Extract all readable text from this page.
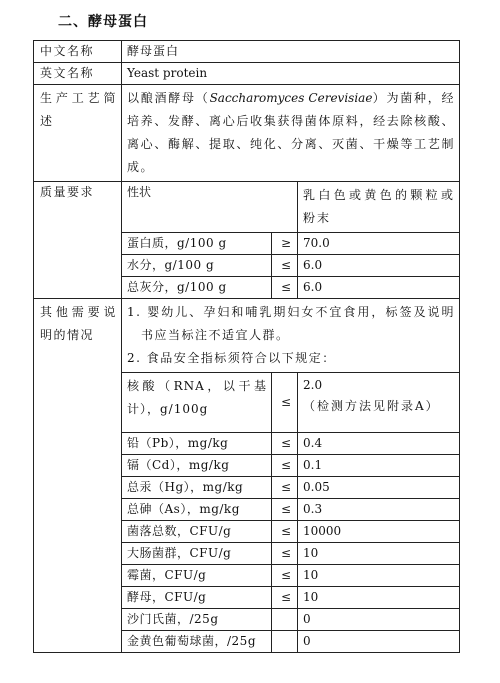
二、酵母蛋白
中文名称	酵母蛋白		
英文名称	Yeast protein		
生产工艺简述	以酿酒酵母（Saccharomyces Cerevisiae）为菌种，经培养、发酵、离心后收集获得菌体原料，经去除核酸、离心、酶解、提取、纯化、分离、灭菌、干燥等工艺制成。		
质量要求	性状		乳白色或黄色的颗粒或粉末
	蛋白质，g/100 g	≥	70.0
	水分，g/100 g	≤	6.0
	总灰分，g/100 g	≤	6.0
其他需要说明的情况	1. 婴幼儿、孕妇和哺乳期妇女不宜食用，标签及说明书应当标注不适宜人群。
2. 食品安全指标须符合以下规定：		

	核酸（RNA，以干基计），g/100g	≤	2.0
（检测方法见附录A）

	铅（Pb），mg/kg	≤	0.4
	镉（Cd），mg/kg	≤	0.1
	总汞（Hg），mg/kg	≤	0.05
	总砷（As），mg/kg	≤	0.3
	菌落总数，CFU/g	≤	10000
	大肠菌群，CFU/g	≤	10
	霉菌，CFU/g	≤	10
	酵母，CFU/g	≤	10
	沙门氏菌，/25g		0
	金黄色葡萄球菌，/25g		0
